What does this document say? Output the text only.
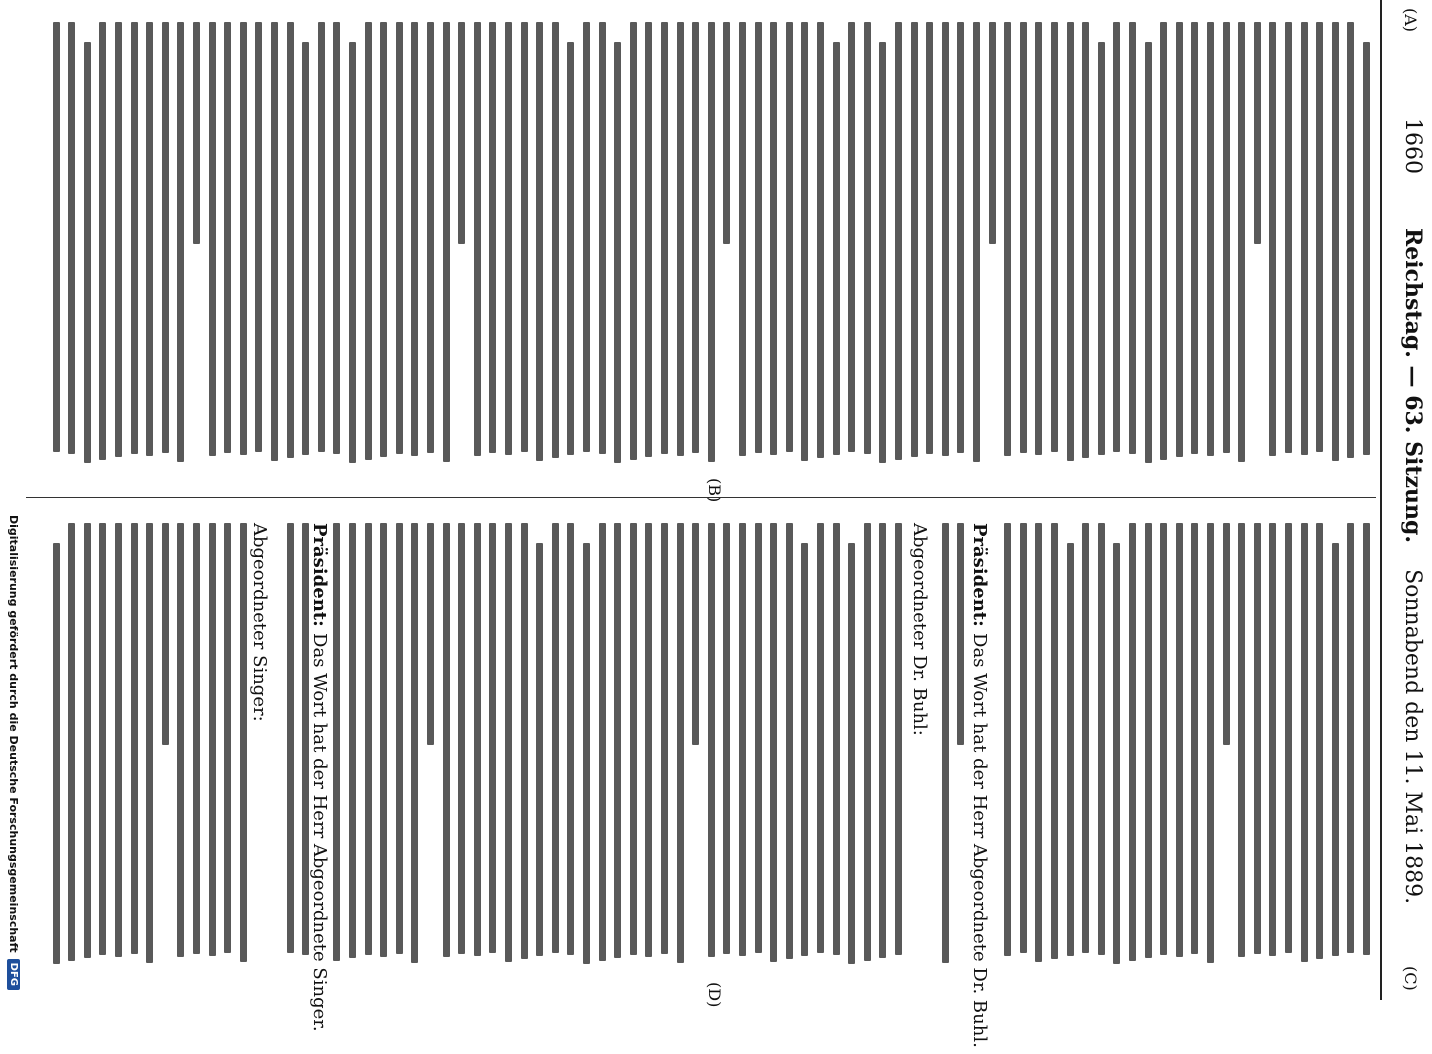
1660
Reichstag. — 63. Sitzung.
Sonnabend den 11. Mai 1889.
(A)
(C)
(B)
(D)
Präsident: Das Wort hat der Herr Abgeordnete Dr. Buhl.
Abgeordneter Dr. Buhl:
Präsident: Das Wort hat der Herr Abgeordnete Singer.
Abgeordneter Singer:
Digitalisierung gefördert durch die Deutsche Forschungsgemeinschaft
DFG
